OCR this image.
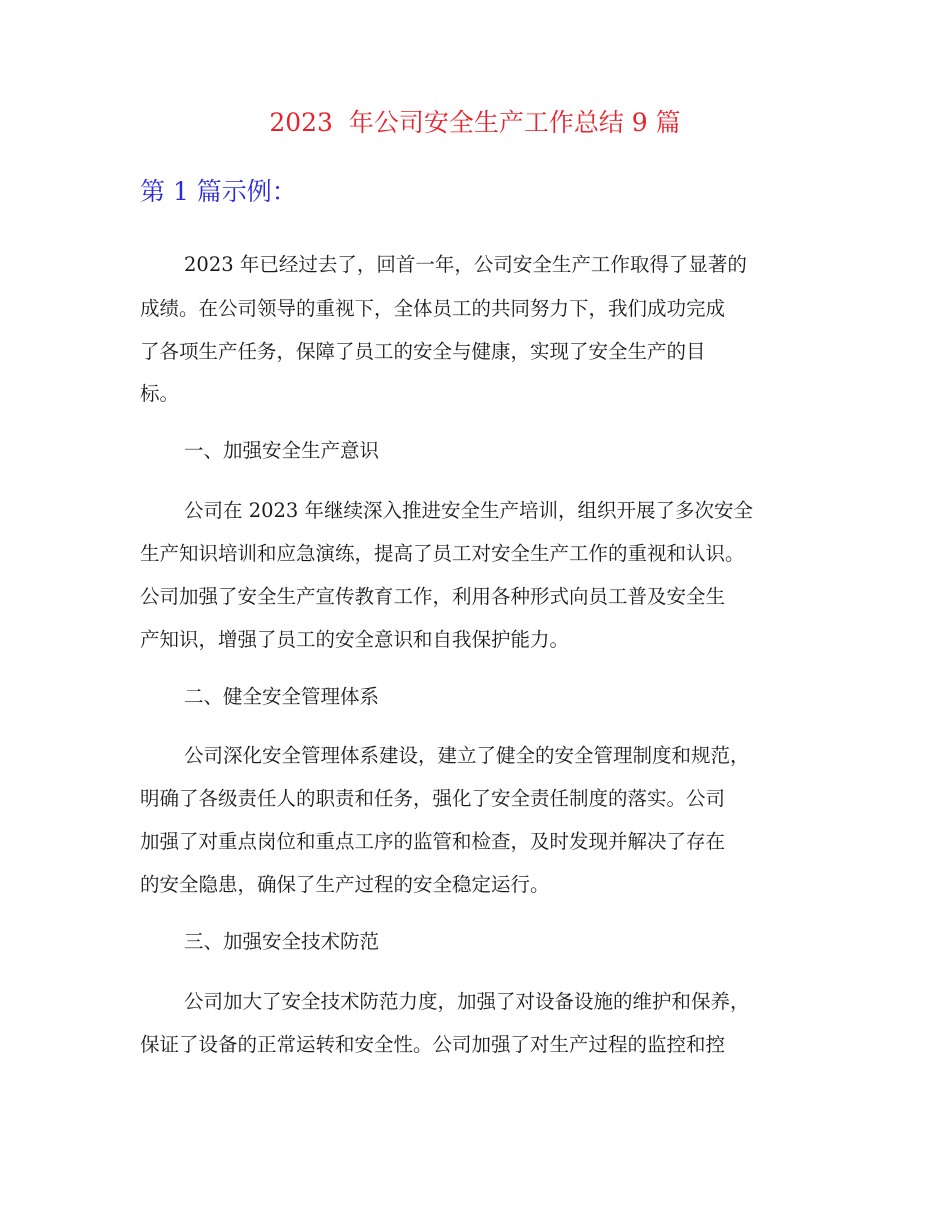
2023  年公司安全生产工作总结 9 篇
第 1 篇示例：

2023 年已经过去了，回首一年，公司安全生产工作取得了显著的

成绩。在公司领导的重视下，全体员工的共同努力下，我们成功完成

了各项生产任务，保障了员工的安全与健康，实现了安全生产的目

标。

一、加强安全生产意识

公司在 2023 年继续深入推进安全生产培训，组织开展了多次安全

生产知识培训和应急演练，提高了员工对安全生产工作的重视和认识。

公司加强了安全生产宣传教育工作，利用各种形式向员工普及安全生

产知识，增强了员工的安全意识和自我保护能力。

二、健全安全管理体系

公司深化安全管理体系建设，建立了健全的安全管理制度和规范，

明确了各级责任人的职责和任务，强化了安全责任制度的落实。公司

加强了对重点岗位和重点工序的监管和检查，及时发现并解决了存在

的安全隐患，确保了生产过程的安全稳定运行。

三、加强安全技术防范

公司加大了安全技术防范力度，加强了对设备设施的维护和保养，

保证了设备的正常运转和安全性。公司加强了对生产过程的监控和控
